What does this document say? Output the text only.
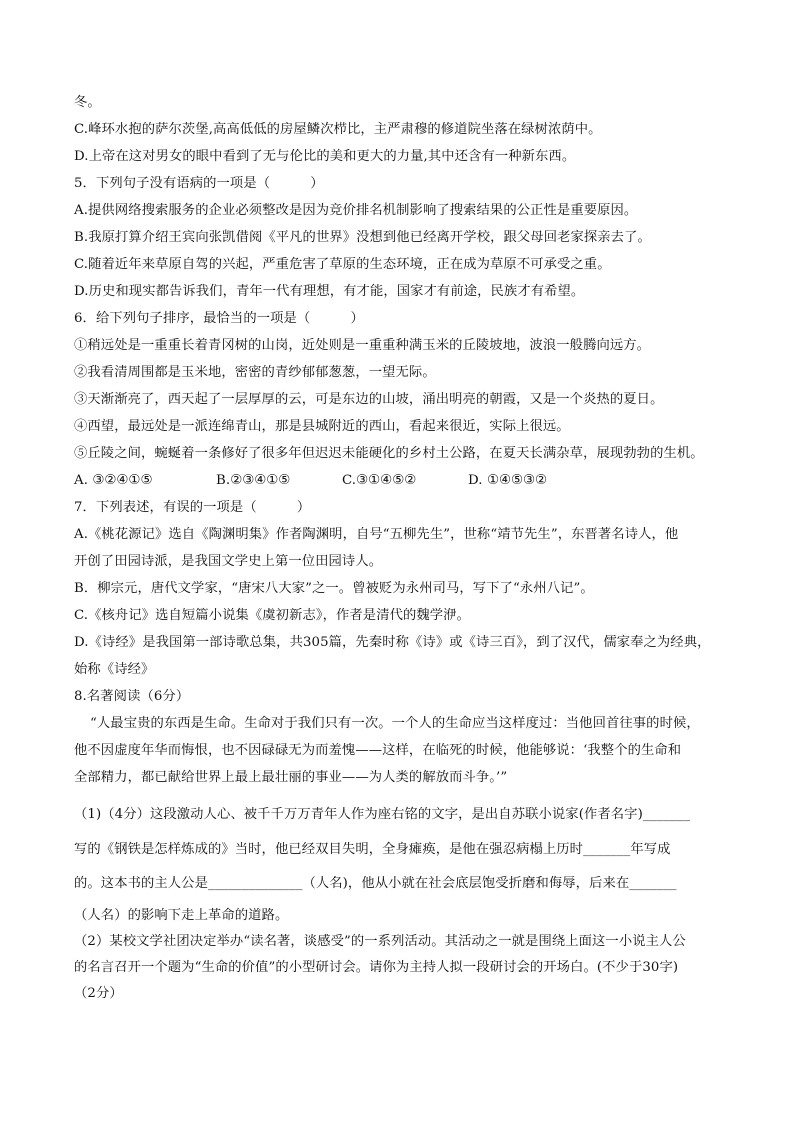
冬。
C.峰环水抱的萨尔茨堡,高高低低的房屋鳞次栉比，主严肃穆的修道院坐落在绿树浓荫中。
D.上帝在这对男女的眼中看到了无与伦比的美和更大的力量,其中还含有一种新东西。
5．下列句子没有语病的一项是（　　　）
A.提供网络搜索服务的企业必须整改是因为竞价排名机制影响了搜索结果的公正性是重要原因。
B.我原打算介绍王宾向张凯借阅《平凡的世界》没想到他已经离开学校，跟父母回老家探亲去了。
C.随着近年来草原自驾的兴起，严重危害了草原的生态环境，正在成为草原不可承受之重。
D.历史和现实都告诉我们，青年一代有理想，有才能，国家才有前途，民族才有希望。
6．给下列句子排序，最恰当的一项是（　　　）
①稍远处是一重重长着青冈树的山岗，近处则是一重重种满玉米的丘陵坡地，波浪一般腾向远方。
②我看清周围都是玉米地，密密的青纱郁郁葱葱，一望无际。
③天渐渐亮了，西天起了一层厚厚的云，可是东边的山坡，涌出明亮的朝霞，又是一个炎热的夏日。
④西望，最远处是一派连绵青山，那是县城附近的西山，看起来很近，实际上很远。
⑤丘陵之间，蜿蜒着一条修好了很多年但迟迟未能硬化的乡村土公路，在夏天长满杂草，展现勃勃的生机。
A. ③②④①⑤	B.②③④①⑤	C.③①④⑤②	D. ①④⑤③②
7．下列表述，有误的一项是（　　　）
A.《桃花源记》选自《陶渊明集》作者陶渊明，自号“五柳先生”，世称“靖节先生”，东晋著名诗人，他
开创了田园诗派，是我国文学史上第一位田园诗人。
B．柳宗元，唐代文学家，“唐宋八大家”之一。曾被贬为永州司马，写下了“永州八记”。
C.《核舟记》选自短篇小说集《虞初新志》，作者是清代的魏学洢。
D.《诗经》是我国第一部诗歌总集，共305篇，先秦时称《诗》或《诗三百》，到了汉代，儒家奉之为经典，
始称《诗经》
8.名著阅读（6分）
“人最宝贵的东西是生命。生命对于我们只有一次。一个人的生命应当这样度过：当他回首往事的时候，
他不因虚度年华而悔恨，也不因碌碌无为而羞愧——这样，在临死的时候，他能够说：‘我整个的生命和
全部精力，都已献给世界上最上最壮丽的事业——为人类的解放而斗争。’”
（1)（4分）这段激动人心、被千千万万青年人作为座右铭的文字，是出自苏联小说家(作者名字)_______
写的《钢铁是怎样炼成的》当时，他已经双目失明，全身瘫痪，是他在强忍病榻上历时_______年写成
的。这本书的主人公是______________（人名)，他从小就在社会底层饱受折磨和侮辱，后来在_______
（人名）的影响下走上革命的道路。
（2）某校文学社团决定举办“读名著，谈感受”的一系列活动。其活动之一就是围绕上面这一小说主人公
的名言召开一个题为“生命的价值”的小型研讨会。请你为主持人拟一段研讨会的开场白。(不少于30字)
（2分）
